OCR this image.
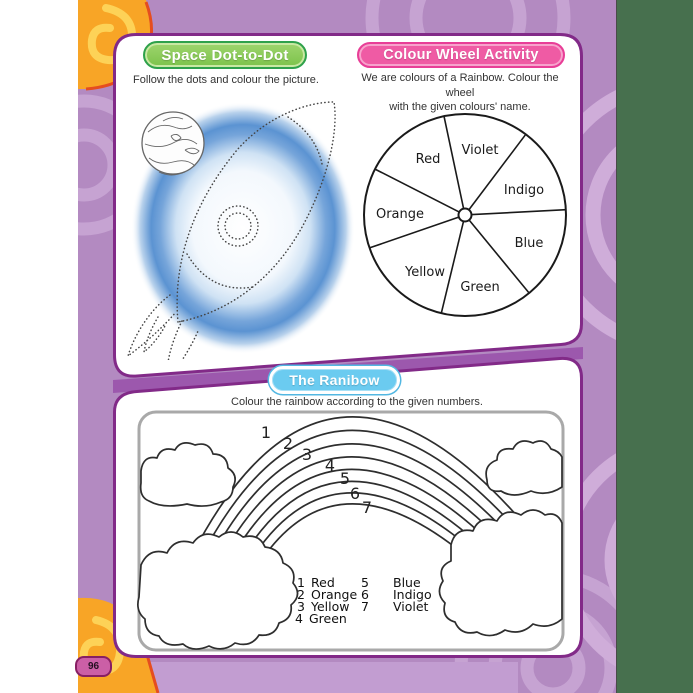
Space Dot-to-Dot
Follow the dots and colour the picture.
Colour Wheel Activity
We are colours of a Rainbow. Colour the wheel
with the given colours' name.
Red
Violet
Indigo
Blue
Green
Yellow
Orange
The Ranibow
Colour the rainbow according to the given numbers.
1
2
3
4
5
6
7
1 Red
2 Orange
3 Yellow
4 Green
5 Blue
6 Indigo
7 Violet
96
